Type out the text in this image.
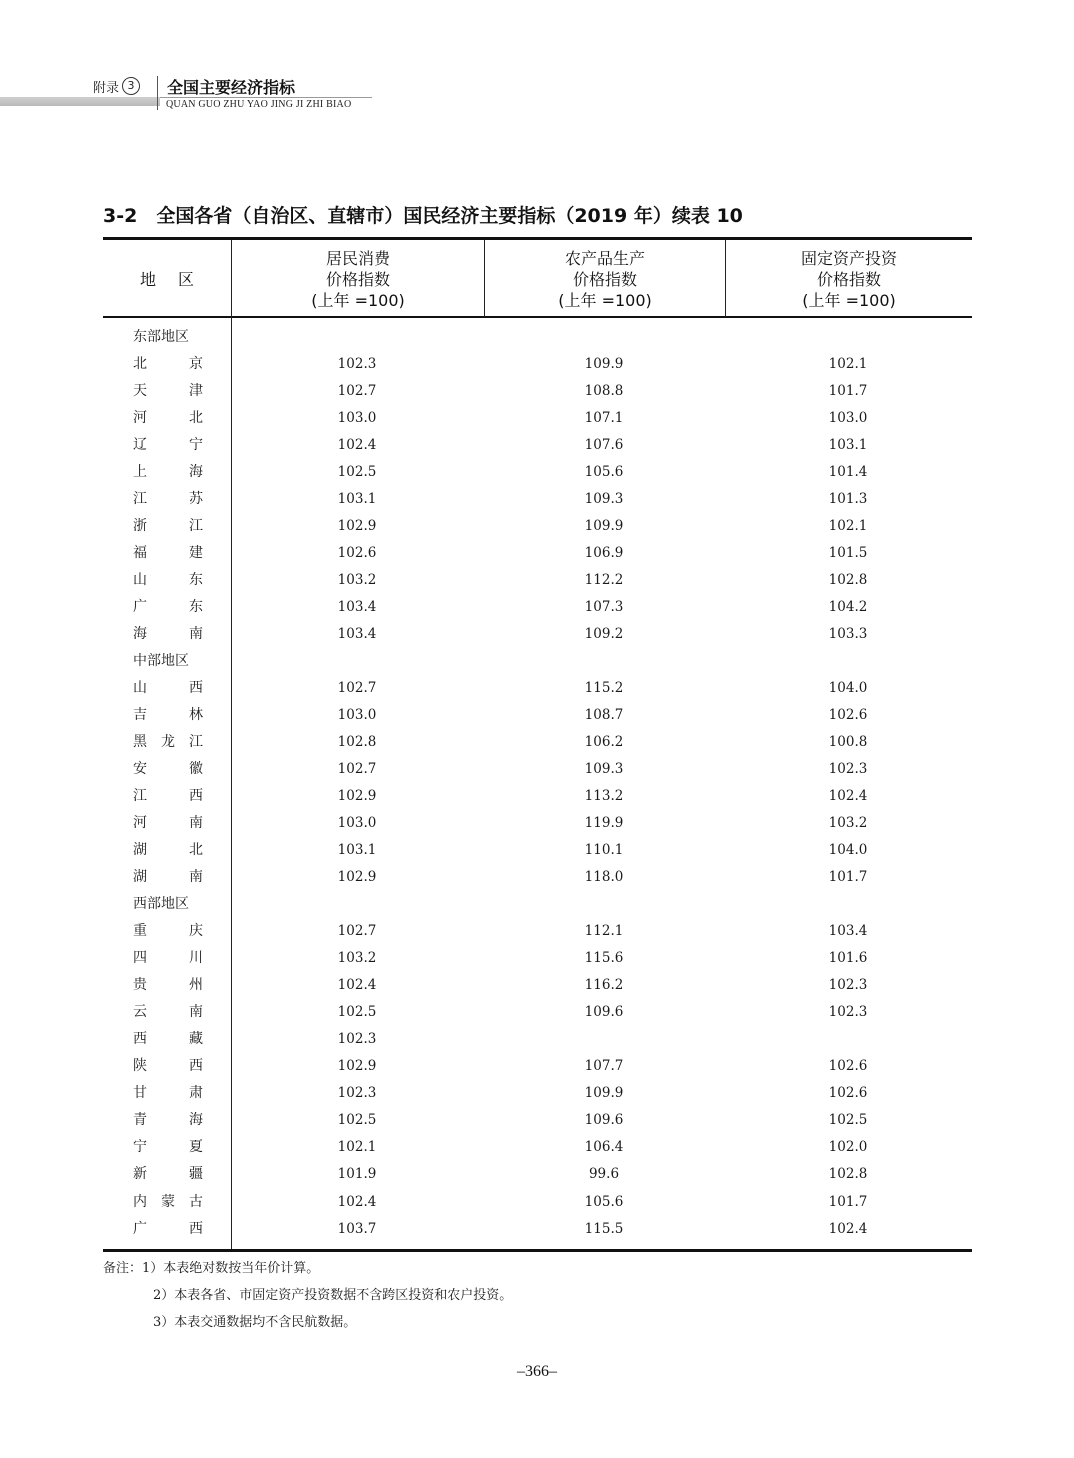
附录 3	全国主要经济指标
QUAN GUO ZHU YAO JING JI ZHI BIAO
3-2　全国各省（自治区、直辖市）国民经济主要指标（2019 年）续表 10
地区
居民消费
价格指数
(上年 =100)
农产品生产
价格指数
(上年 =100)
固定资产投资
价格指数
(上年 =100)
东部地区
北	京	102.3	109.9	102.1
天	津	102.7	108.8	101.7
河	北	103.0	107.1	103.0
辽	宁	102.4	107.6	103.1
上	海	102.5	105.6	101.4
江	苏	103.1	109.3	101.3
浙	江	102.9	109.9	102.1
福	建	102.6	106.9	101.5
山	东	103.2	112.2	102.8
广	东	103.4	107.3	104.2
海	南	103.4	109.2	103.3
中部地区
山	西	102.7	115.2	104.0
吉	林	103.0	108.7	102.6
黑 龙 江	102.8	106.2	100.8
安	徽	102.7	109.3	102.3
江	西	102.9	113.2	102.4
河	南	103.0	119.9	103.2
湖	北	103.1	110.1	104.0
湖	南	102.9	118.0	101.7
西部地区
重	庆	102.7	112.1	103.4
四	川	103.2	115.6	101.6
贵	州	102.4	116.2	102.3
云	南	102.5	109.6	102.3
西	藏	102.3
陕	西	102.9	107.7	102.6
甘	肃	102.3	109.9	102.6
青	海	102.5	109.6	102.5
宁	夏	102.1	106.4	102.0
新	疆	101.9	99.6	102.8
内 蒙 古	102.4	105.6	101.7
广	西	103.7	115.5	102.4
备注：1）本表绝对数按当年价计算。
2）本表各省、市固定资产投资数据不含跨区投资和农户投资。
3）本表交通数据均不含民航数据。
–366–
